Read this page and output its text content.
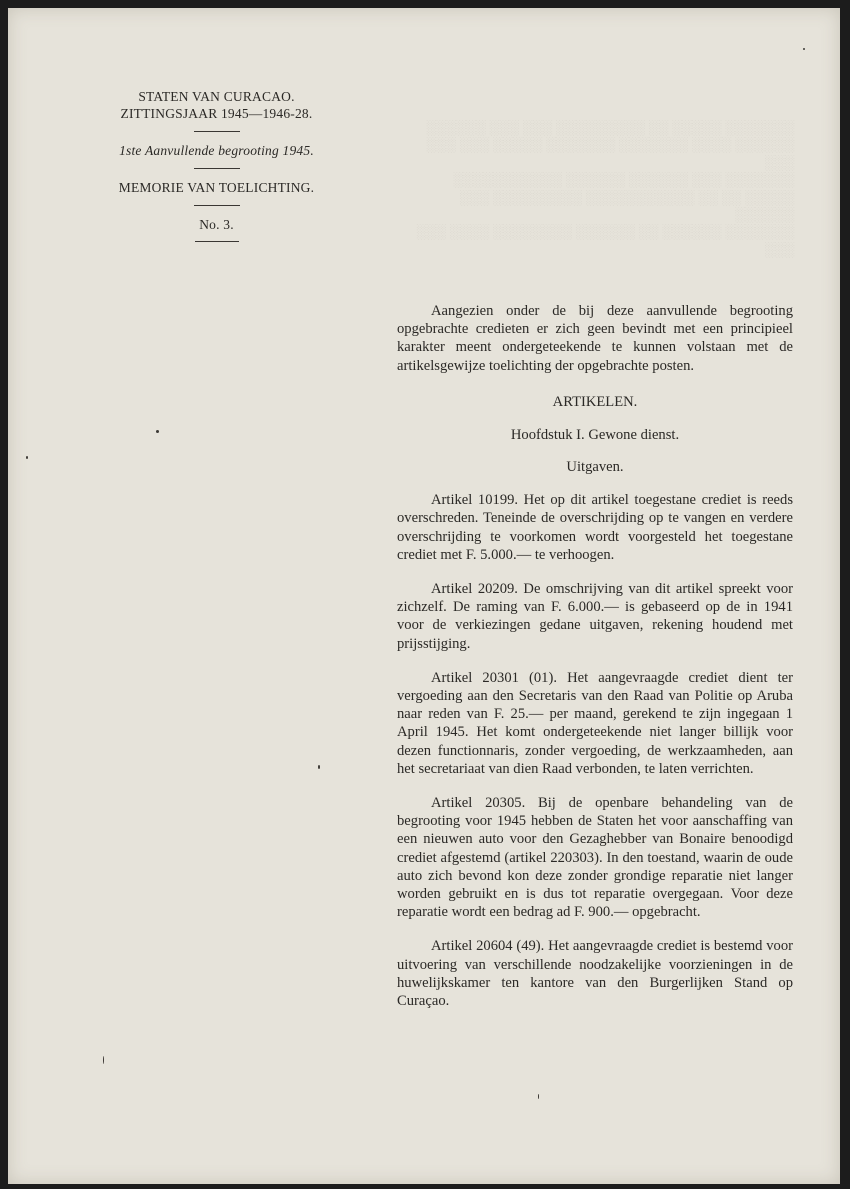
░░░░░░░ ░░░░░ ░░ ░░░░░░░░░ ░░░ ░░░ ░░░░░░
░░░░░░ ░░░░ ░░░░░░░ ░░░░░░░ ░░░░░ ░░░ ░░░ ░░░
░░░░░░░ ░░░ ░░░░░░ ░░░░░░ ░░░░░░░░░░░
░░░░░ ░░ ░░ ░░░░░░░░░░░ ░░░░░░░░░ ░░░ ░░░░░░
░░░░░░░ ░░░░░░ ░░ ░░░░░░ ░░░░░░░░ ░░░░ ░░░ ░░░
STATEN VAN CURACAO.
ZITTINGSJAAR 1945—1946-28.
1ste Aanvullende begrooting 1945.
MEMORIE VAN TOELICHTING.
No. 3.

Aangezien onder de bij deze aanvullende begrooting opgebrachte credieten er zich geen bevindt met een principieel karakter meent ondergeteekende te kunnen volstaan met de artikelsgewijze toelichting der opgebrachte posten.

ARTIKELEN.

Hoofdstuk I. Gewone dienst.

Uitgaven.

Artikel 10199. Het op dit artikel toegestane crediet is reeds overschreden. Teneinde de overschrijding op te vangen en verdere overschrijding te voorkomen wordt voorgesteld het toegestane crediet met F. 5.000.— te verhoogen.

Artikel 20209. De omschrijving van dit artikel spreekt voor zichzelf. De raming van F. 6.000.— is gebaseerd op de in 1941 voor de verkiezingen gedane uitgaven, rekening houdend met prijsstijging.

Artikel 20301 (01). Het aangevraagde crediet dient ter vergoeding aan den Secretaris van den Raad van Politie op Aruba naar reden van F. 25.— per maand, gerekend te zijn ingegaan 1 April 1945. Het komt ondergeteekende niet langer billijk voor dezen functionnaris, zonder vergoeding, de werkzaamheden, aan het secretariaat van dien Raad verbonden, te laten verrichten.

Artikel 20305. Bij de openbare behandeling van de begrooting voor 1945 hebben de Staten het voor aanschaffing van een nieuwen auto voor den Gezaghebber van Bonaire benoodigd crediet afgestemd (artikel 220303). In den toestand, waarin de oude auto zich bevond kon deze zonder grondige reparatie niet langer worden gebruikt en is dus tot reparatie overgegaan. Voor deze reparatie wordt een bedrag ad F. 900.— opgebracht.

Artikel 20604 (49). Het aangevraagde crediet is bestemd voor uitvoering van verschillende noodzakelijke voorzieningen in de huwelijkskamer ten kantore van den Burgerlijken Stand op Curaçao.
